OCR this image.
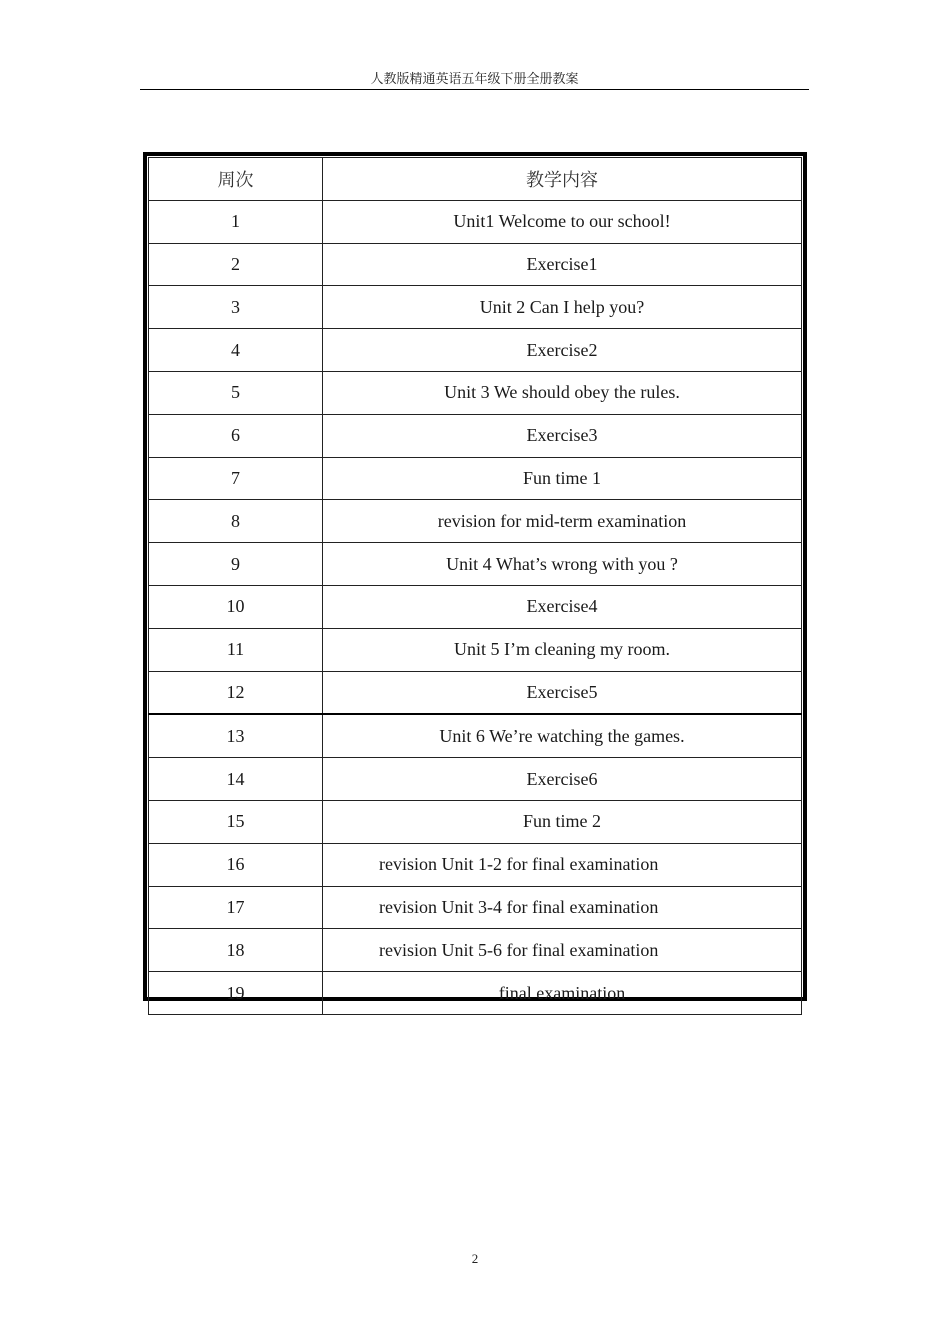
人教版精通英语五年级下册全册教案
周次	教学内容
1	Unit1 Welcome to our school!
2	Exercise1
3	Unit 2 Can I help you?
4	Exercise2
5	Unit 3 We should obey the rules.
6	Exercise3
7	Fun time 1
8	revision for mid-term examination
9	Unit 4 What’s wrong with you ?
10	Exercise4
11	Unit 5 I’m cleaning my room.
12	Exercise5
13	Unit 6 We’re watching the games.
14	Exercise6
15	Fun time 2
16	revision Unit 1-2 for final examination
17	revision Unit 3-4 for final examination
18	revision Unit 5-6 for final examination
19	final examination
2
